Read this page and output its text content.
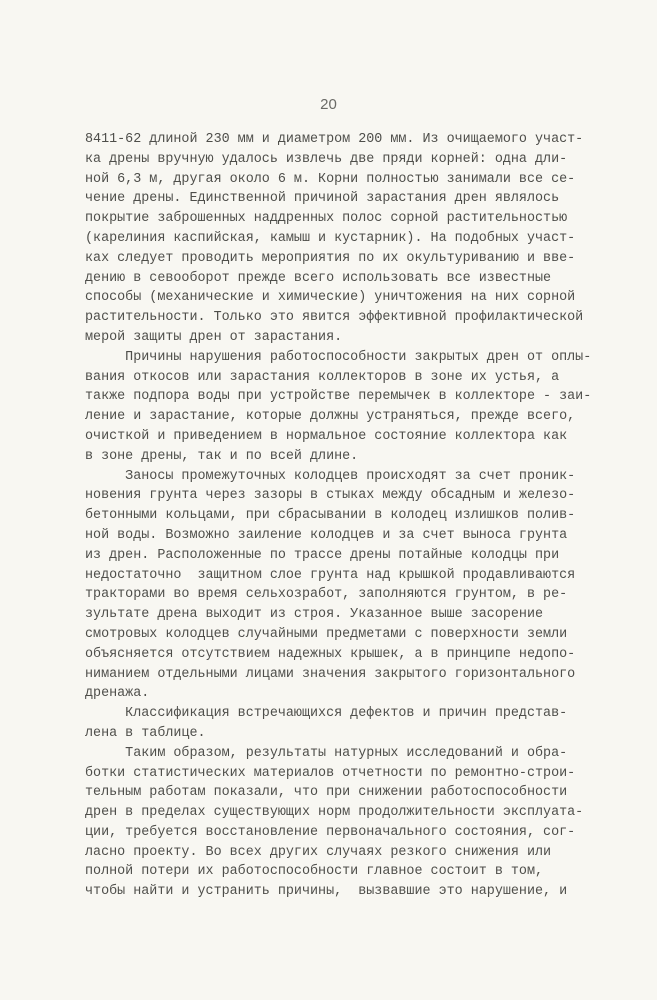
20
8411-62 длиной 230 мм и диаметром 200 мм. Из очищаемого участ-
ка дрены вручную удалось извлечь две пряди корней: одна дли-
ной 6,3 м, другая около 6 м. Корни полностью занимали все се-
чение дрены. Единственной причиной зарастания дрен являлось
покрытие заброшенных наддренных полос сорной растительностью
(карелиния каспийская, камыш и кустарник). На подобных участ-
ках следует проводить мероприятия по их окультуриванию и вве-
дению в севооборот прежде всего использовать все известные
способы (механические и химические) уничтожения на них сорной
растительности. Только это явится эффективной профилактической
мерой защиты дрен от зарастания.
Причины нарушения работоспособности закрытых дрен от оплы-
вания откосов или зарастания коллекторов в зоне их устья, а
также подпора воды при устройстве перемычек в коллекторе - заи-
ление и зарастание, которые должны устраняться, прежде всего,
очисткой и приведением в нормальное состояние коллектора как
в зоне дрены, так и по всей длине.
Заносы промежуточных колодцев происходят за счет проник-
новения грунта через зазоры в стыках между обсадным и железо-
бетонными кольцами, при сбрасывании в колодец излишков полив-
ной воды. Возможно заиление колодцев и за счет выноса грунта
из дрен. Расположенные по трассе дрены потайные колодцы при
недостаточно  защитном слое грунта над крышкой продавливаются
тракторами во время сельхозработ, заполняются грунтом, в ре-
зультате дрена выходит из строя. Указанное выше засорение
смотровых колодцев случайными предметами с поверхности земли
объясняется отсутствием надежных крышек, а в принципе недопо-
ниманием отдельными лицами значения закрытого горизонтального
дренажа.
Классификация встречающихся дефектов и причин представ-
лена в таблице.
Таким образом, результаты натурных исследований и обра-
ботки статистических материалов отчетности по ремонтно-строи-
тельным работам показали, что при снижении работоспособности
дрен в пределах существующих норм продолжительности эксплуата-
ции, требуется восстановление первоначального состояния, сог-
ласно проекту. Во всех других случаях резкого снижения или
полной потери их работоспособности главное состоит в том,
чтобы найти и устранить причины,  вызвавшие это нарушение, и
